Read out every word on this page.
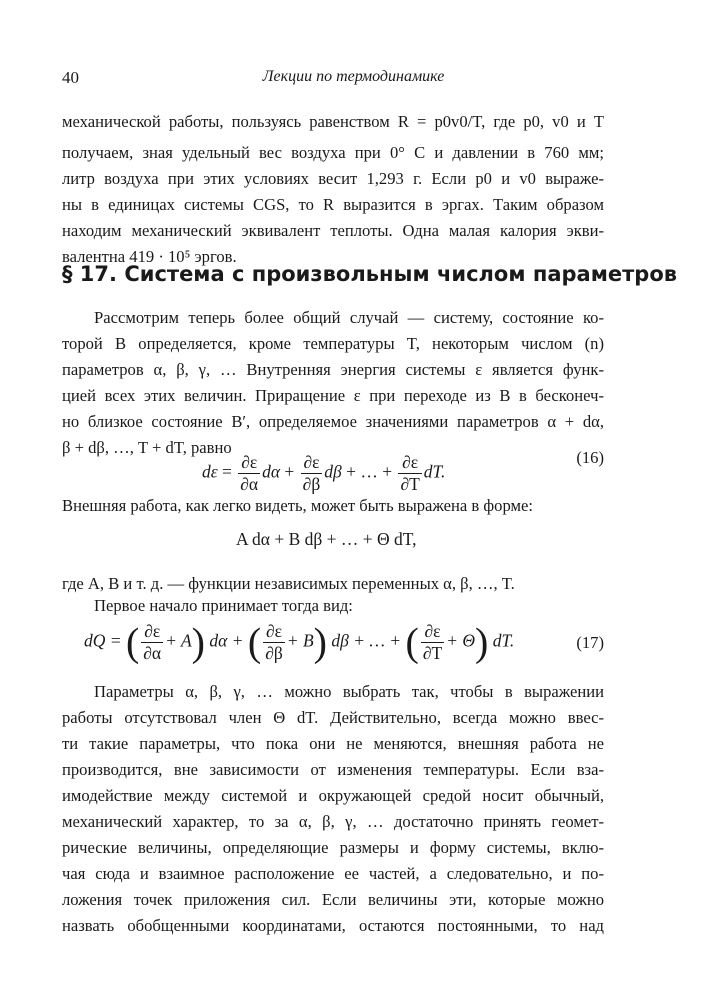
40	Лекции по термодинамике
механической работы, пользуясь равенством R = p0v0/T, где p0, v0 и T
получаем, зная удельный вес воздуха при 0° C и давлении в 760 мм;
литр воздуха при этих условиях весит 1,293 г. Если p0 и v0 выраже-
ны в единицах системы CGS, то R выразится в эргах. Таким образом
находим механический эквивалент теплоты. Одна малая калория экви-
валентна 419 · 10⁵ эргов.
§ 17. Система с произвольным числом параметров
Рассмотрим теперь более общий случай — систему, состояние ко-
торой B определяется, кроме температуры T, некоторым числом (n)
параметров α, β, γ, … Внутренняя энергия системы ε является функ-
цией всех этих величин. Приращение ε при переходе из B в бесконеч-
но близкое состояние B′, определяемое значениями параметров α + dα,
β + dβ, …, T + dT, равно
$d\varepsilon = \frac{\partial\varepsilon}{\partial\alpha}$ $d\alpha + \frac{\partial\varepsilon}{\partial\beta}$ dβ + … + $\frac{\partial\varepsilon}{\partial T}$ dT.
(16)
Внешняя работа, как легко видеть, может быть выражена в форме:
A dα + B dβ + … + Θ dT,
где A, B и т. д. — функции независимых переменных α, β, …, T.
Первое начало принимает тогда вид:
dQ = ( $\frac{\partial\varepsilon}{\partial\alpha} + A$) dα + ( $\frac{\partial\varepsilon}{\partial\beta} + B$) dβ + … + ( $\frac{\partial\varepsilon}{\partial T} + \Theta$) dT.	(17)
Параметры α, β, γ, … можно выбрать так, чтобы в выражении
работы отсутствовал член Θ dT. Действительно, всегда можно ввес-
ти такие параметры, что пока они не меняются, внешняя работа не
производится, вне зависимости от изменения температуры. Если вза-
имодействие между системой и окружающей средой носит обычный,
механический характер, то за α, β, γ, … достаточно принять геомет-
рические величины, определяющие размеры и форму системы, вклю-
чая сюда и взаимное расположение ее частей, а следовательно, и по-
ложения точек приложения сил. Если величины эти, которые можно
назвать обобщенными координатами, остаются постоянными, то над
